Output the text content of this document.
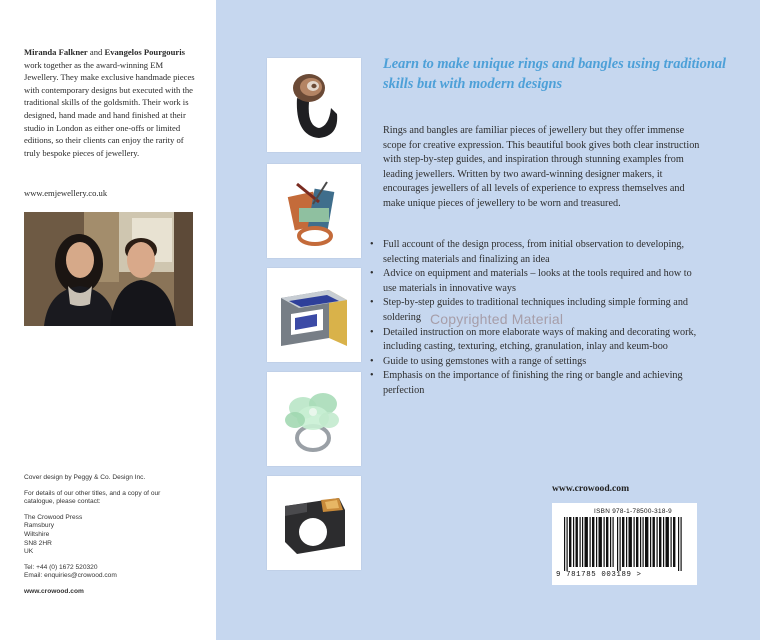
Miranda Falkner and Evangelos Pourgouris work together as the award-winning EM Jewellery. They make exclusive handmade pieces with contemporary designs but executed with the traditional skills of the goldsmith. Their work is designed, hand made and hand finished at their studio in London as either one-offs or limited editions, so their clients can enjoy the rarity of truly bespoke pieces of jewellery.
www.emjewellery.co.uk
Cover design by Peggy & Co. Design Inc.
For details of our other titles, and a copy of our
catalogue, please contact:
The Crowood Press
Ramsbury
Wiltshire
SN8 2HR
UK
Tel: +44 (0) 1672 520320
Email: enquiries@crowood.com
www.crowood.com
Learn to make unique rings and bangles using traditional skills but with modern designs
Rings and bangles are familiar pieces of jewellery but they offer immense scope for creative expression. This beautiful book gives both clear instruction with step-by-step guides, and inspiration through stunning examples from leading jewellers. Written by two award-winning designer makers, it encourages jewellers of all levels of experience to express themselves and make unique pieces of jewellery to be worn and treasured.
• Full account of the design process, from initial observation to developing, selecting materials and finalizing an idea
• Advice on equipment and materials – looks at the tools required and how to use materials in innovative ways
• Step-by-step guides to traditional techniques including simple forming and soldering
• Detailed instruction on more elaborate ways of making and decorating work, including casting, texturing, etching, granulation, inlay and keum-boo
• Guide to using gemstones with a range of settings
• Emphasis on the importance of finishing the ring or bangle and achieving perfection
Copyrighted Material
www.crowood.com
ISBN 978-1-78500-318-9
9 781785 003189 >
